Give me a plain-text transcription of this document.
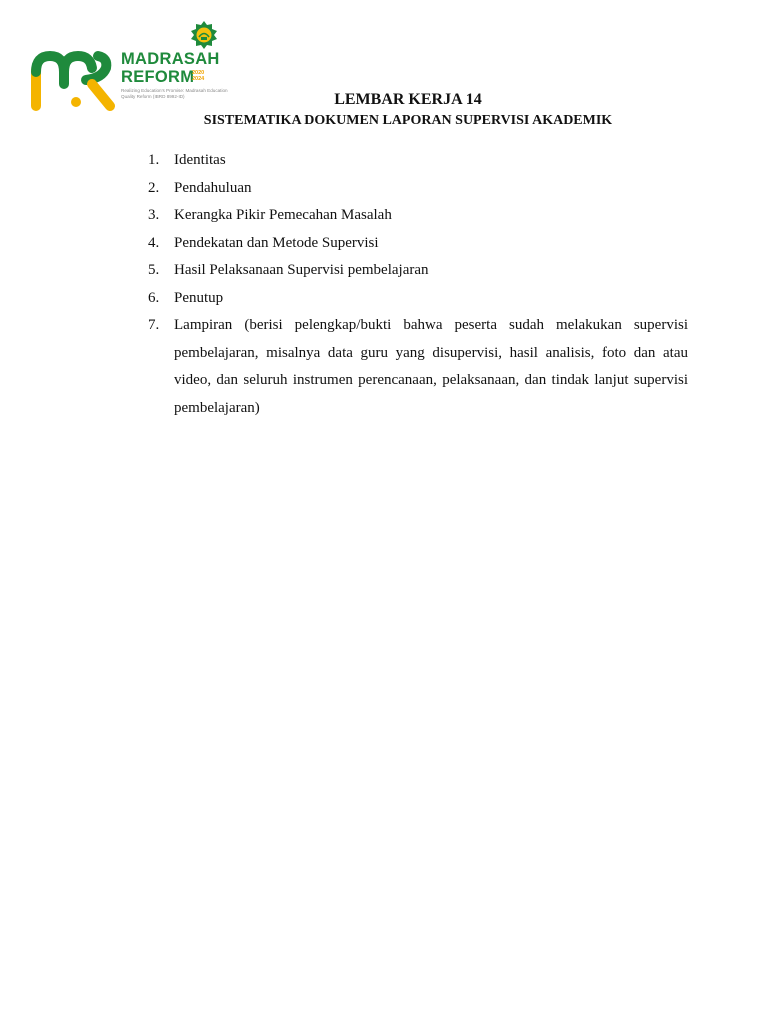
MADRASAH
REFORM
2020
2024
Realizing Education's Promise: Madrasah Education Quality Reform (IBRD 8992-ID)	LEMBAR KERJA 14
SISTEMATIKA DOKUMEN LAPORAN SUPERVISI AKADEMIK
1. Identitas
2. Pendahuluan
3. Kerangka Pikir Pemecahan Masalah
4. Pendekatan dan Metode Supervisi
5. Hasil Pelaksanaan Supervisi pembelajaran
6. Penutup
7. Lampiran (berisi pelengkap/bukti bahwa peserta sudah melakukan supervisi pembelajaran, misalnya data guru yang disupervisi, hasil analisis, foto dan atau video, dan seluruh instrumen perencanaan, pelaksanaan, dan tindak lanjut supervisi pembelajaran)
